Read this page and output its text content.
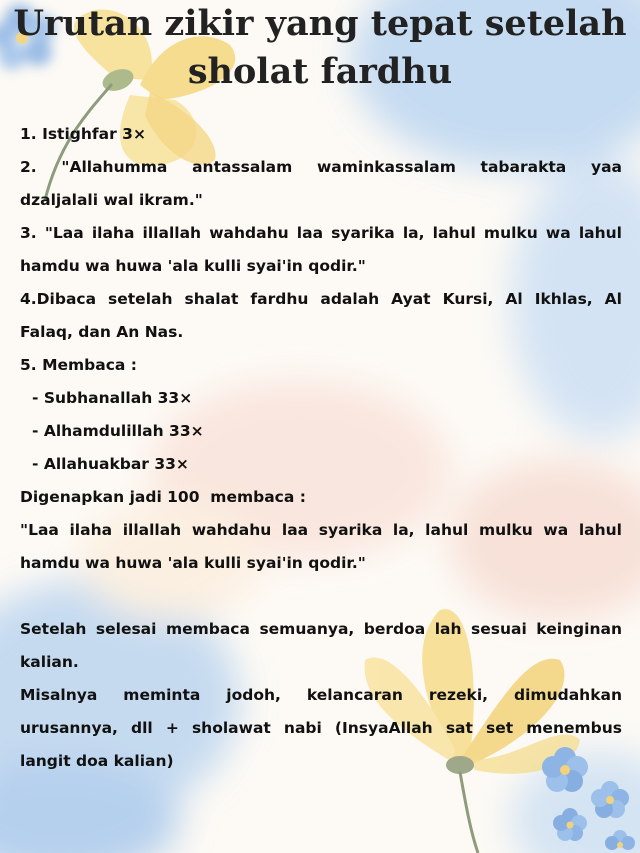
Urutan zikir yang tepat setelah
sholat fardhu

1. Istighfar 3×

2.   "Allahumma   antassalam   waminkassalam   tabarakta   yaa

dzaljalali wal ikram."

3. "Laa ilaha illallah wahdahu laa syarika la, lahul mulku wa lahul

hamdu wa huwa 'ala kulli syai'in qodir."

4.Dibaca setelah shalat fardhu adalah Ayat Kursi, Al Ikhlas, Al

Falaq, dan An Nas.

5. Membaca :

- Subhanallah 33×

- Alhamdulillah 33×

- Allahuakbar 33×

Digenapkan jadi 100  membaca :

"Laa ilaha illallah wahdahu laa syarika la, lahul mulku wa lahul

hamdu wa huwa 'ala kulli syai'in qodir."

Setelah selesai membaca semuanya, berdoa lah sesuai keinginan

kalian.

Misalnya   meminta   jodoh,   kelancaran   rezeki,   dimudahkan

urusannya, dll + sholawat nabi (InsyaAllah sat set menembus

langit doa kalian)
